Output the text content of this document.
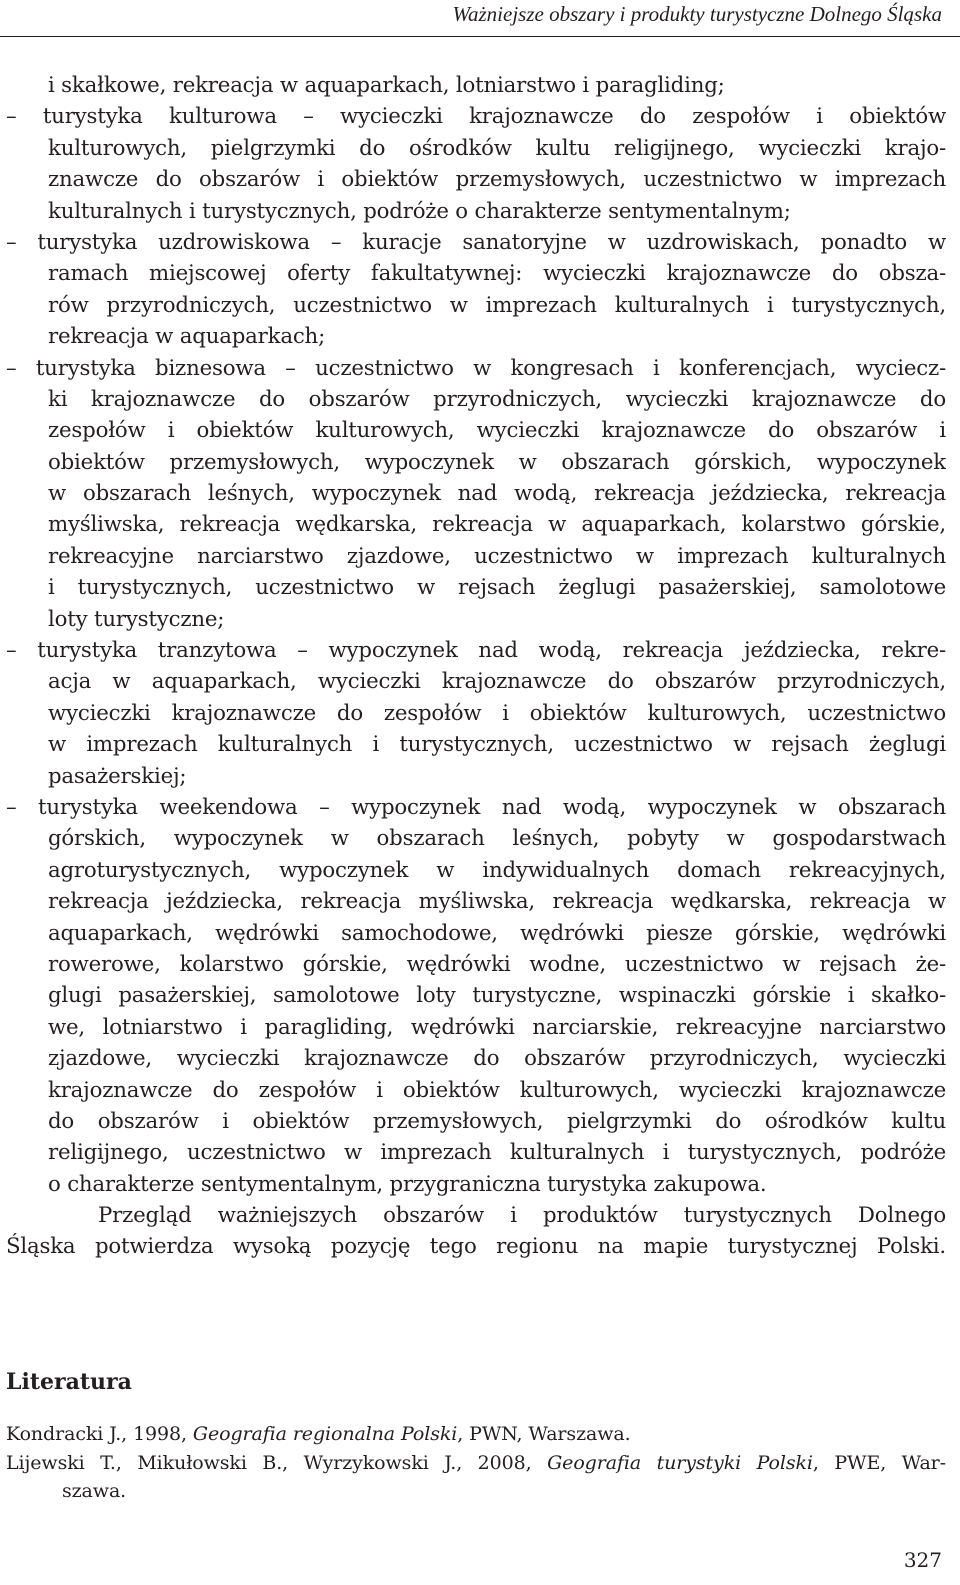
Ważniejsze obszary i produkty turystyczne Dolnego Śląska
i skałkowe, rekreacja w aquaparkach, lotniarstwo i paragliding;
– turystyka kulturowa – wycieczki krajoznawcze do zespołów i obiektów
kulturowych, pielgrzymki do ośrodków kultu religijnego, wycieczki krajo-
znawcze do obszarów i obiektów przemysłowych, uczestnictwo w imprezach
kulturalnych i turystycznych, podróże o charakterze sentymentalnym;
– turystyka uzdrowiskowa – kuracje sanatoryjne w uzdrowiskach, ponadto w
ramach miejscowej oferty fakultatywnej: wycieczki krajoznawcze do obsza-
rów przyrodniczych, uczestnictwo w imprezach kulturalnych i turystycznych,
rekreacja w aquaparkach;
– turystyka biznesowa – uczestnictwo w kongresach i konferencjach, wyciecz-
ki krajoznawcze do obszarów przyrodniczych, wycieczki krajoznawcze do
zespołów i obiektów kulturowych, wycieczki krajoznawcze do obszarów i
obiektów przemysłowych, wypoczynek w obszarach górskich, wypoczynek
w obszarach leśnych, wypoczynek nad wodą, rekreacja jeździecka, rekreacja
myśliwska, rekreacja wędkarska, rekreacja w aquaparkach, kolarstwo górskie,
rekreacyjne narciarstwo zjazdowe, uczestnictwo w imprezach kulturalnych
i turystycznych, uczestnictwo w rejsach żeglugi pasażerskiej, samolotowe
loty turystyczne;
– turystyka tranzytowa – wypoczynek nad wodą, rekreacja jeździecka, rekre-
acja w aquaparkach, wycieczki krajoznawcze do obszarów przyrodniczych,
wycieczki krajoznawcze do zespołów i obiektów kulturowych, uczestnictwo
w imprezach kulturalnych i turystycznych, uczestnictwo w rejsach żeglugi
pasażerskiej;
– turystyka weekendowa – wypoczynek nad wodą, wypoczynek w obszarach
górskich, wypoczynek w obszarach leśnych, pobyty w gospodarstwach
agroturystycznych, wypoczynek w indywidualnych domach rekreacyjnych,
rekreacja jeździecka, rekreacja myśliwska, rekreacja wędkarska, rekreacja w
aquaparkach, wędrówki samochodowe, wędrówki piesze górskie, wędrówki
rowerowe, kolarstwo górskie, wędrówki wodne, uczestnictwo w rejsach że-
glugi pasażerskiej, samolotowe loty turystyczne, wspinaczki górskie i skałko-
we, lotniarstwo i paragliding, wędrówki narciarskie, rekreacyjne narciarstwo
zjazdowe, wycieczki krajoznawcze do obszarów przyrodniczych, wycieczki
krajoznawcze do zespołów i obiektów kulturowych, wycieczki krajoznawcze
do obszarów i obiektów przemysłowych, pielgrzymki do ośrodków kultu
religijnego, uczestnictwo w imprezach kulturalnych i turystycznych, podróże
o charakterze sentymentalnym, przygraniczna turystyka zakupowa.
Przegląd ważniejszych obszarów i produktów turystycznych Dolnego
Śląska potwierdza wysoką pozycję tego regionu na mapie turystycznej Polski.
Literatura
Kondracki J., 1998, Geografia regionalna Polski, PWN, Warszawa.
Lijewski T., Mikułowski B., Wyrzykowski J., 2008, Geografia turystyki Polski, PWE, War-
szawa.
327
